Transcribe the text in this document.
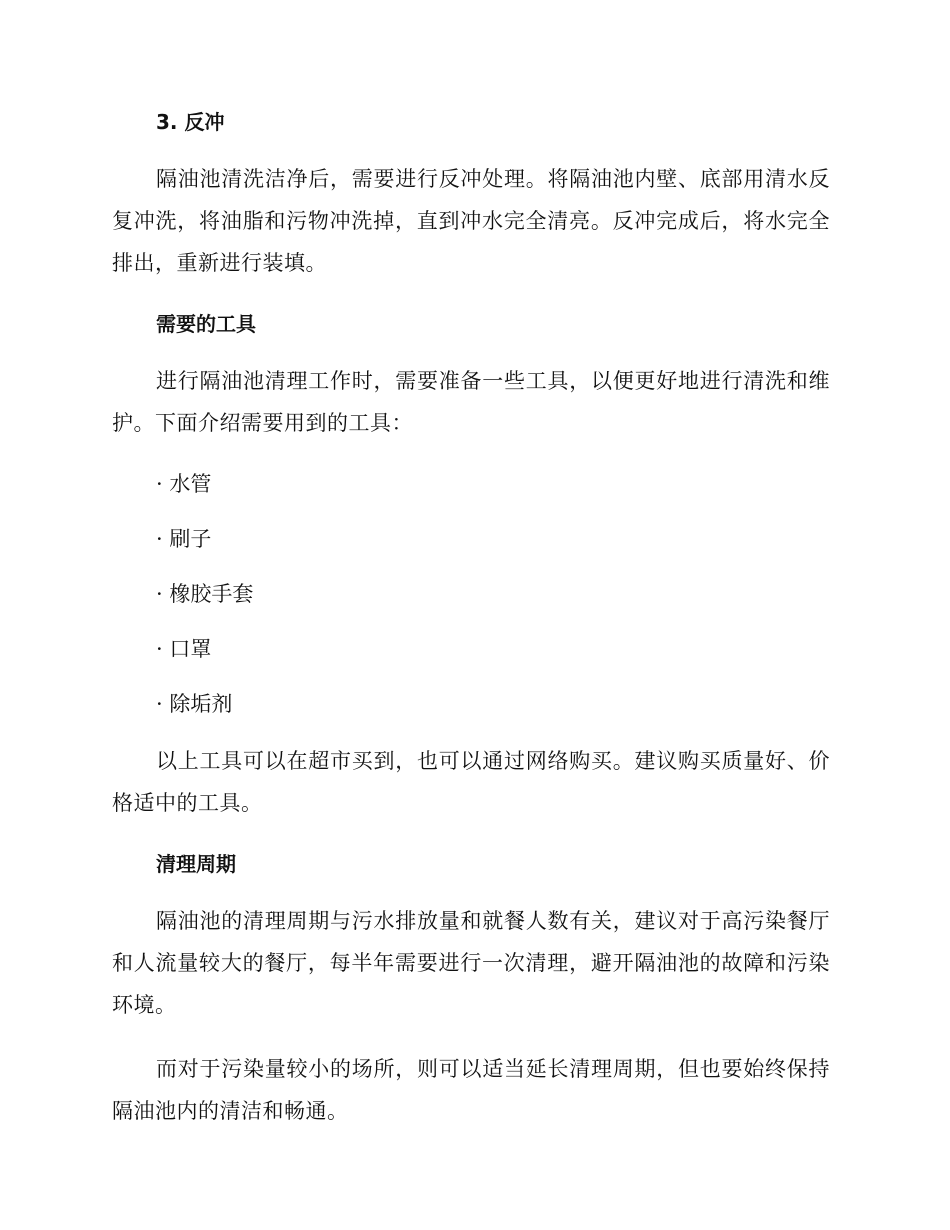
3. 反冲

隔油池清洗洁净后，需要进行反冲处理。将隔油池内壁、底部用清水反复冲洗，将油脂和污物冲洗掉，直到冲水完全清亮。反冲完成后，将水完全排出，重新进行装填。

需要的工具

进行隔油池清理工作时，需要准备一些工具，以便更好地进行清洗和维护。下面介绍需要用到的工具：

· 水管

· 刷子

· 橡胶手套

· 口罩

· 除垢剂

以上工具可以在超市买到，也可以通过网络购买。建议购买质量好、价格适中的工具。

清理周期

隔油池的清理周期与污水排放量和就餐人数有关，建议对于高污染餐厅和人流量较大的餐厅，每半年需要进行一次清理，避开隔油池的故障和污染环境。

而对于污染量较小的场所，则可以适当延长清理周期，但也要始终保持隔油池内的清洁和畅通。
